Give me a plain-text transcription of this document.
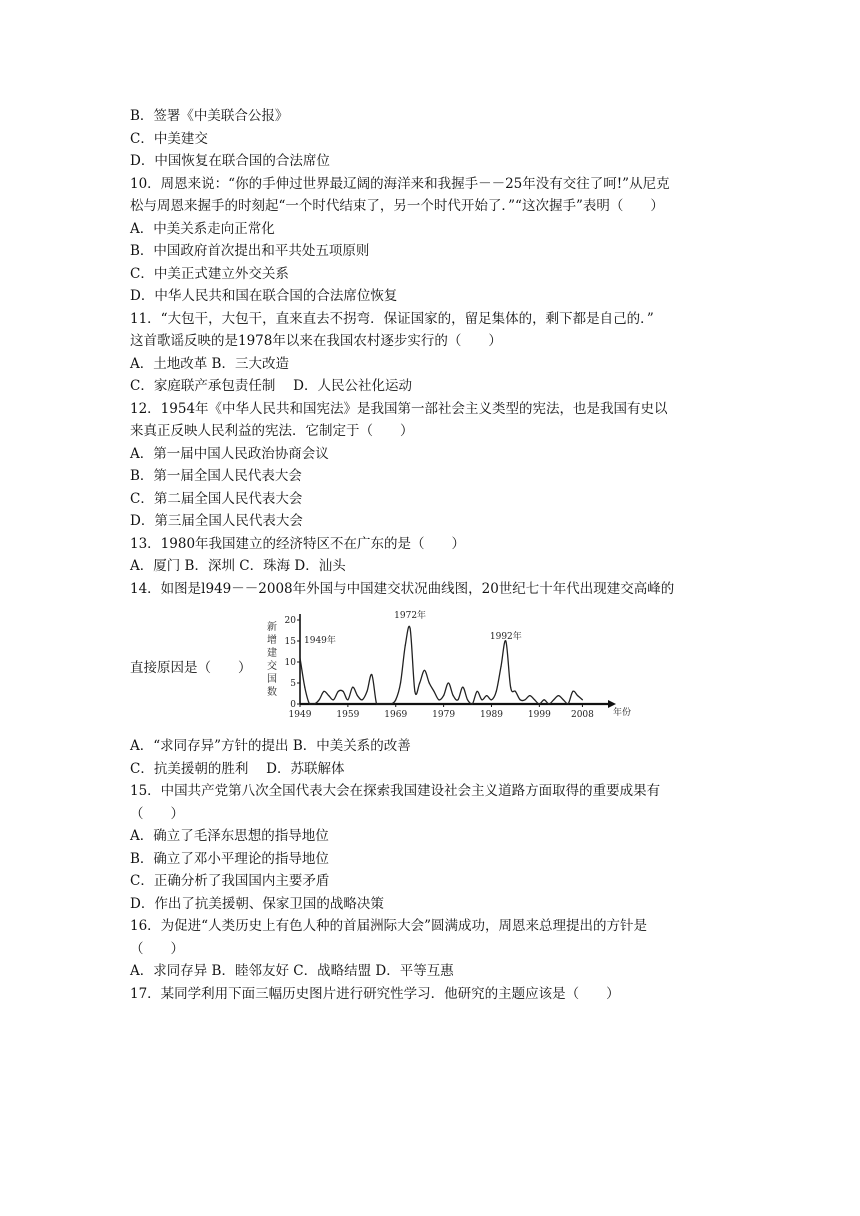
B．签署《中美联合公报》
C．中美建交
D．中国恢复在联合国的合法席位
10．周恩来说：“你的手伸过世界最辽阔的海洋来和我握手－－25年没有交往了呵!”从尼克
松与周恩来握手的时刻起“一个时代结束了，另一个时代开始了．”“这次握手”表明（　　）
A．中美关系走向正常化
B．中国政府首次提出和平共处五项原则
C．中美正式建立外交关系
D．中华人民共和国在联合国的合法席位恢复
11．“大包干，大包干，直来直去不拐弯．保证国家的，留足集体的，剩下都是自己的．”
这首歌谣反映的是1978年以来在我国农村逐步实行的（　　）
A．土地改革 B．三大改造
C．家庭联产承包责任制　 D．人民公社化运动
12．1954年《中华人民共和国宪法》是我国第一部社会主义类型的宪法，也是我国有史以
来真正反映人民利益的宪法．它制定于（　　）
A．第一届中国人民政治协商会议
B．第一届全国人民代表大会
C．第二届全国人民代表大会
D．第三届全国人民代表大会
13．1980年我国建立的经济特区不在广东的是（　　）
A．厦门 B．深圳 C．珠海 D．汕头
14．如图是l949－－2008年外国与中国建交状况曲线图，20世纪七十年代出现建交高峰的
直接原因是（　　）
20
15
10
5
0
1949	1959	1969	1979	1989	1999 2008 年份
新增建交国数
1949年
1972年
1992年
A．“求同存异”方针的提出 B．中美关系的改善
C．抗美援朝的胜利　 D．苏联解体
15．中国共产党第八次全国代表大会在探索我国建设社会主义道路方面取得的重要成果有
（　　）
A．确立了毛泽东思想的指导地位
B．确立了邓小平理论的指导地位
C．正确分析了我国国内主要矛盾
D．作出了抗美援朝、保家卫国的战略决策
16．为促进“人类历史上有色人种的首届洲际大会”圆满成功，周恩来总理提出的方针是
（　　）
A．求同存异 B．睦邻友好 C．战略结盟 D．平等互惠
17．某同学利用下面三幅历史图片进行研究性学习．他研究的主题应该是（　　）
